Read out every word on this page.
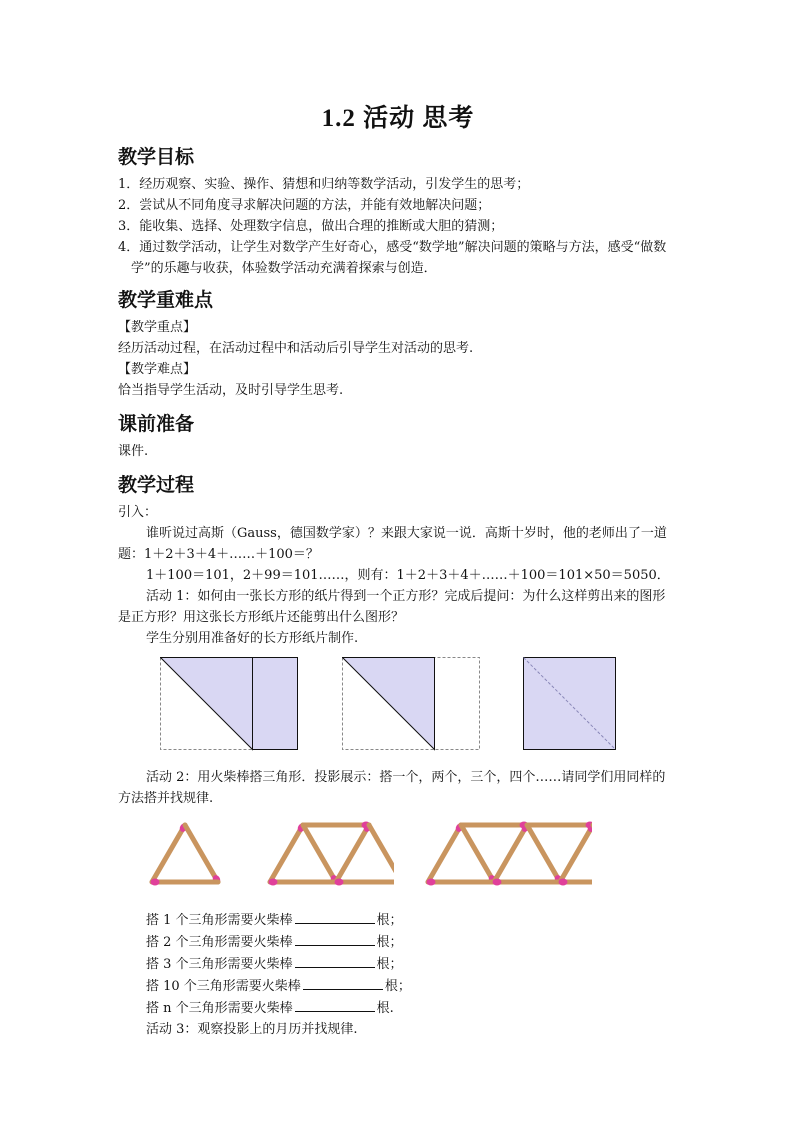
1.2 活动 思考
教学目标

1．经历观察、实验、操作、猜想和归纳等数学活动，引发学生的思考；

2．尝试从不同角度寻求解决问题的方法，并能有效地解决问题；

3．能收集、选择、处理数字信息，做出合理的推断或大胆的猜测；

4．通过数学活动，让学生对数学产生好奇心，感受“数学地”解决问题的策略与方法，感受“做数学”的乐趣与收获，体验数学活动充满着探索与创造．

教学重难点

【教学重点】

经历活动过程，在活动过程中和活动后引导学生对活动的思考.

【教学难点】

恰当指导学生活动，及时引导学生思考.

课前准备

课件.

教学过程

引入：

谁听说过高斯（Gauss，德国数学家）？来跟大家说一说．高斯十岁时，他的老师出了一道题：1＋2＋3＋4＋……＋100＝？

1＋100＝101，2＋99＝101……，则有：1＋2＋3＋4＋……＋100＝101×50＝5050．

活动 1：如何由一张长方形的纸片得到一个正方形？完成后提问：为什么这样剪出来的图形是正方形？用这张长方形纸片还能剪出什么图形？

学生分别用准备好的长方形纸片制作.

活动 2：用火柴棒搭三角形．投影展示：搭一个，两个，三个，四个……请同学们用同样的方法搭并找规律.

搭 1 个三角形需要火柴棒	根；

搭 2 个三角形需要火柴棒	根；

搭 3 个三角形需要火柴棒	根；

搭 10 个三角形需要火柴棒	根；

搭 n 个三角形需要火柴棒	根.

活动 3：观察投影上的月历并找规律.
